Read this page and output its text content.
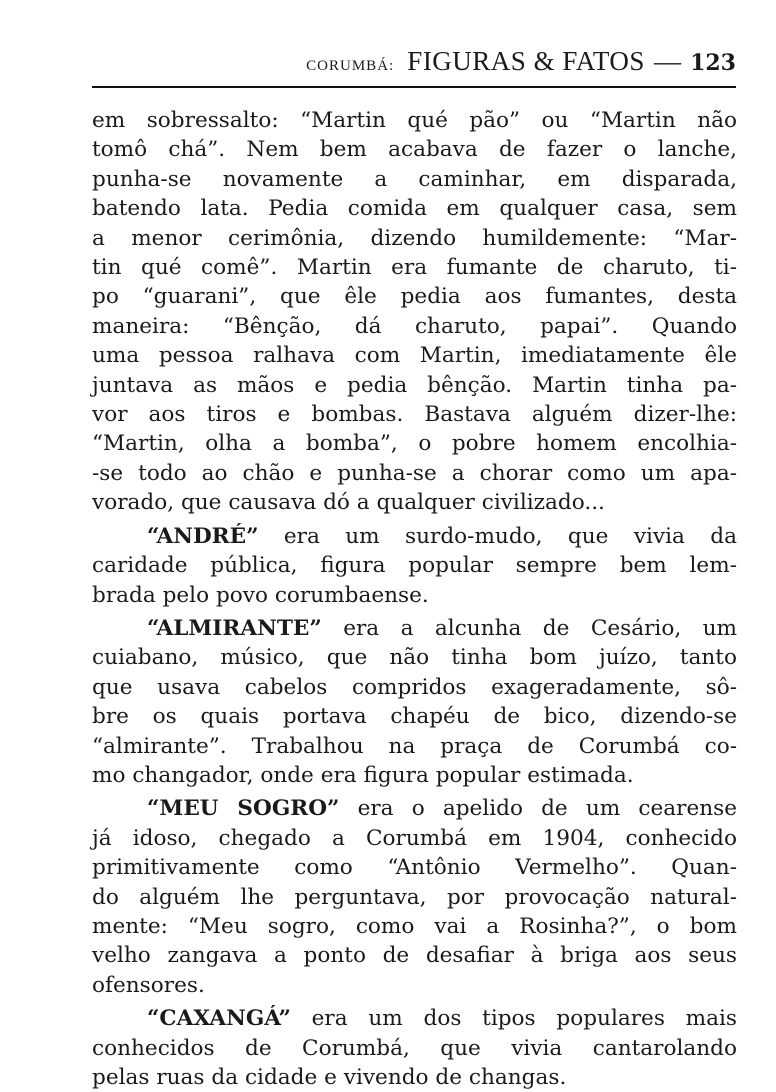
CORUMBÁ: FIGURAS & FATOS — 123

em sobressalto: “Martin qué pão” ou “Martin não
tomô chá”. Nem bem acabava de fazer o lanche,
punha-se novamente a caminhar, em disparada,
batendo lata. Pedia comida em qualquer casa, sem
a menor cerimônia, dizendo humildemente: “Mar-
tin qué comê”. Martin era fumante de charuto, ti-
po “guarani”, que êle pedia aos fumantes, desta
maneira: “Bênção, dá charuto, papai”. Quando
uma pessoa ralhava com Martin, imediatamente êle
juntava as mãos e pedia bênção. Martin tinha pa-
vor aos tiros e bombas. Bastava alguém dizer-lhe:
“Martin, olha a bomba”, o pobre homem encolhia-
-se todo ao chão e punha-se a chorar como um apa-
vorado, que causava dó a qualquer civilizado...

“ANDRÉ” era um surdo-mudo, que vivia da
caridade pública, figura popular sempre bem lem-
brada pelo povo corumbaense.

“ALMIRANTE” era a alcunha de Cesário, um
cuiabano, músico, que não tinha bom juízo, tanto
que usava cabelos compridos exageradamente, sô-
bre os quais portava chapéu de bico, dizendo-se
“almirante”. Trabalhou na praça de Corumbá co-
mo changador, onde era figura popular estimada.

“MEU SOGRO” era o apelido de um cearense
já idoso, chegado a Corumbá em 1904, conhecido
primitivamente como “Antônio Vermelho”. Quan-
do alguém lhe perguntava, por provocação natural-
mente: “Meu sogro, como vai a Rosinha?”, o bom
velho zangava a ponto de desafiar à briga aos seus
ofensores.

“CAXANGÁ” era um dos tipos populares mais
conhecidos de Corumbá, que vivia cantarolando
pelas ruas da cidade e vivendo de changas.
